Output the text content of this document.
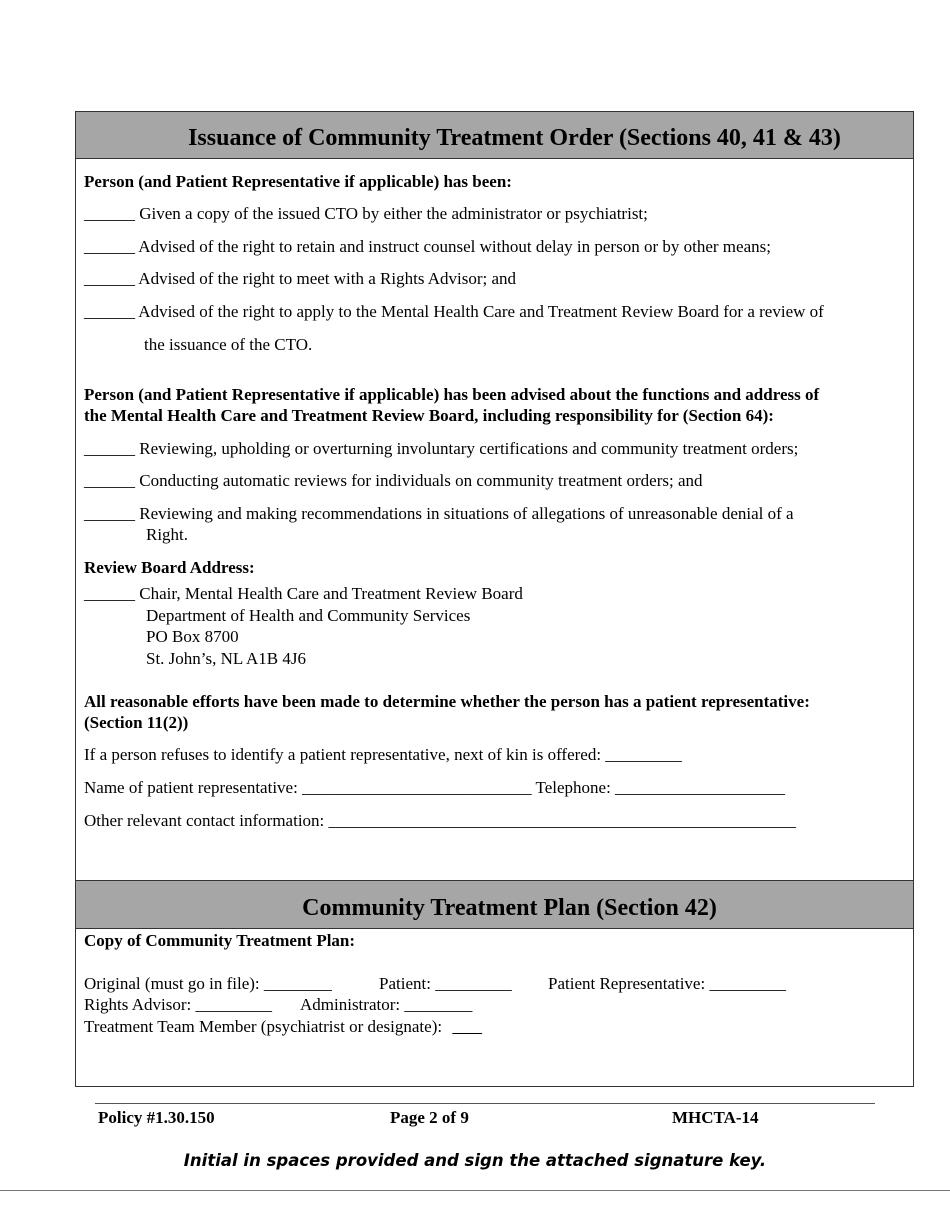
Issuance of Community Treatment Order (Sections 40, 41 & 43)
Person (and Patient Representative if applicable) has been:
______ Given a copy of the issued CTO by either the administrator or psychiatrist;
______ Advised of the right to retain and instruct counsel without delay in person or by other means;
______ Advised of the right to meet with a Rights Advisor; and
______ Advised of the right to apply to the Mental Health Care and Treatment Review Board for a review of
the issuance of the CTO.
Person (and Patient Representative if applicable) has been advised about the functions and address of
the Mental Health Care and Treatment Review Board, including responsibility for (Section 64):
______ Reviewing, upholding or overturning involuntary certifications and community treatment orders;
______ Conducting automatic reviews for individuals on community treatment orders; and
______ Reviewing and making recommendations in situations of allegations of unreasonable denial of a
Right.
Review Board Address:
______ Chair, Mental Health Care and Treatment Review Board
Department of Health and Community Services
PO Box 8700
St. John’s, NL A1B 4J6
All reasonable efforts have been made to determine whether the person has a patient representative:
(Section 11(2))
If a person refuses to identify a patient representative, next of kin is offered: _________
Name of patient representative: ___________________________ Telephone: ____________________
Other relevant contact information: _______________________________________________________
Community Treatment Plan (Section 42)
Copy of Community Treatment Plan:
Original (must go in file): ________	Patient: _________ Patient Representative: _________
Rights Advisor: _________ Administrator: ________
Treatment Team Member (psychiatrist or designate):
Policy #1.30.150	Page 2 of 9	MHCTA-14
Initial in spaces provided and sign the attached signature key.
